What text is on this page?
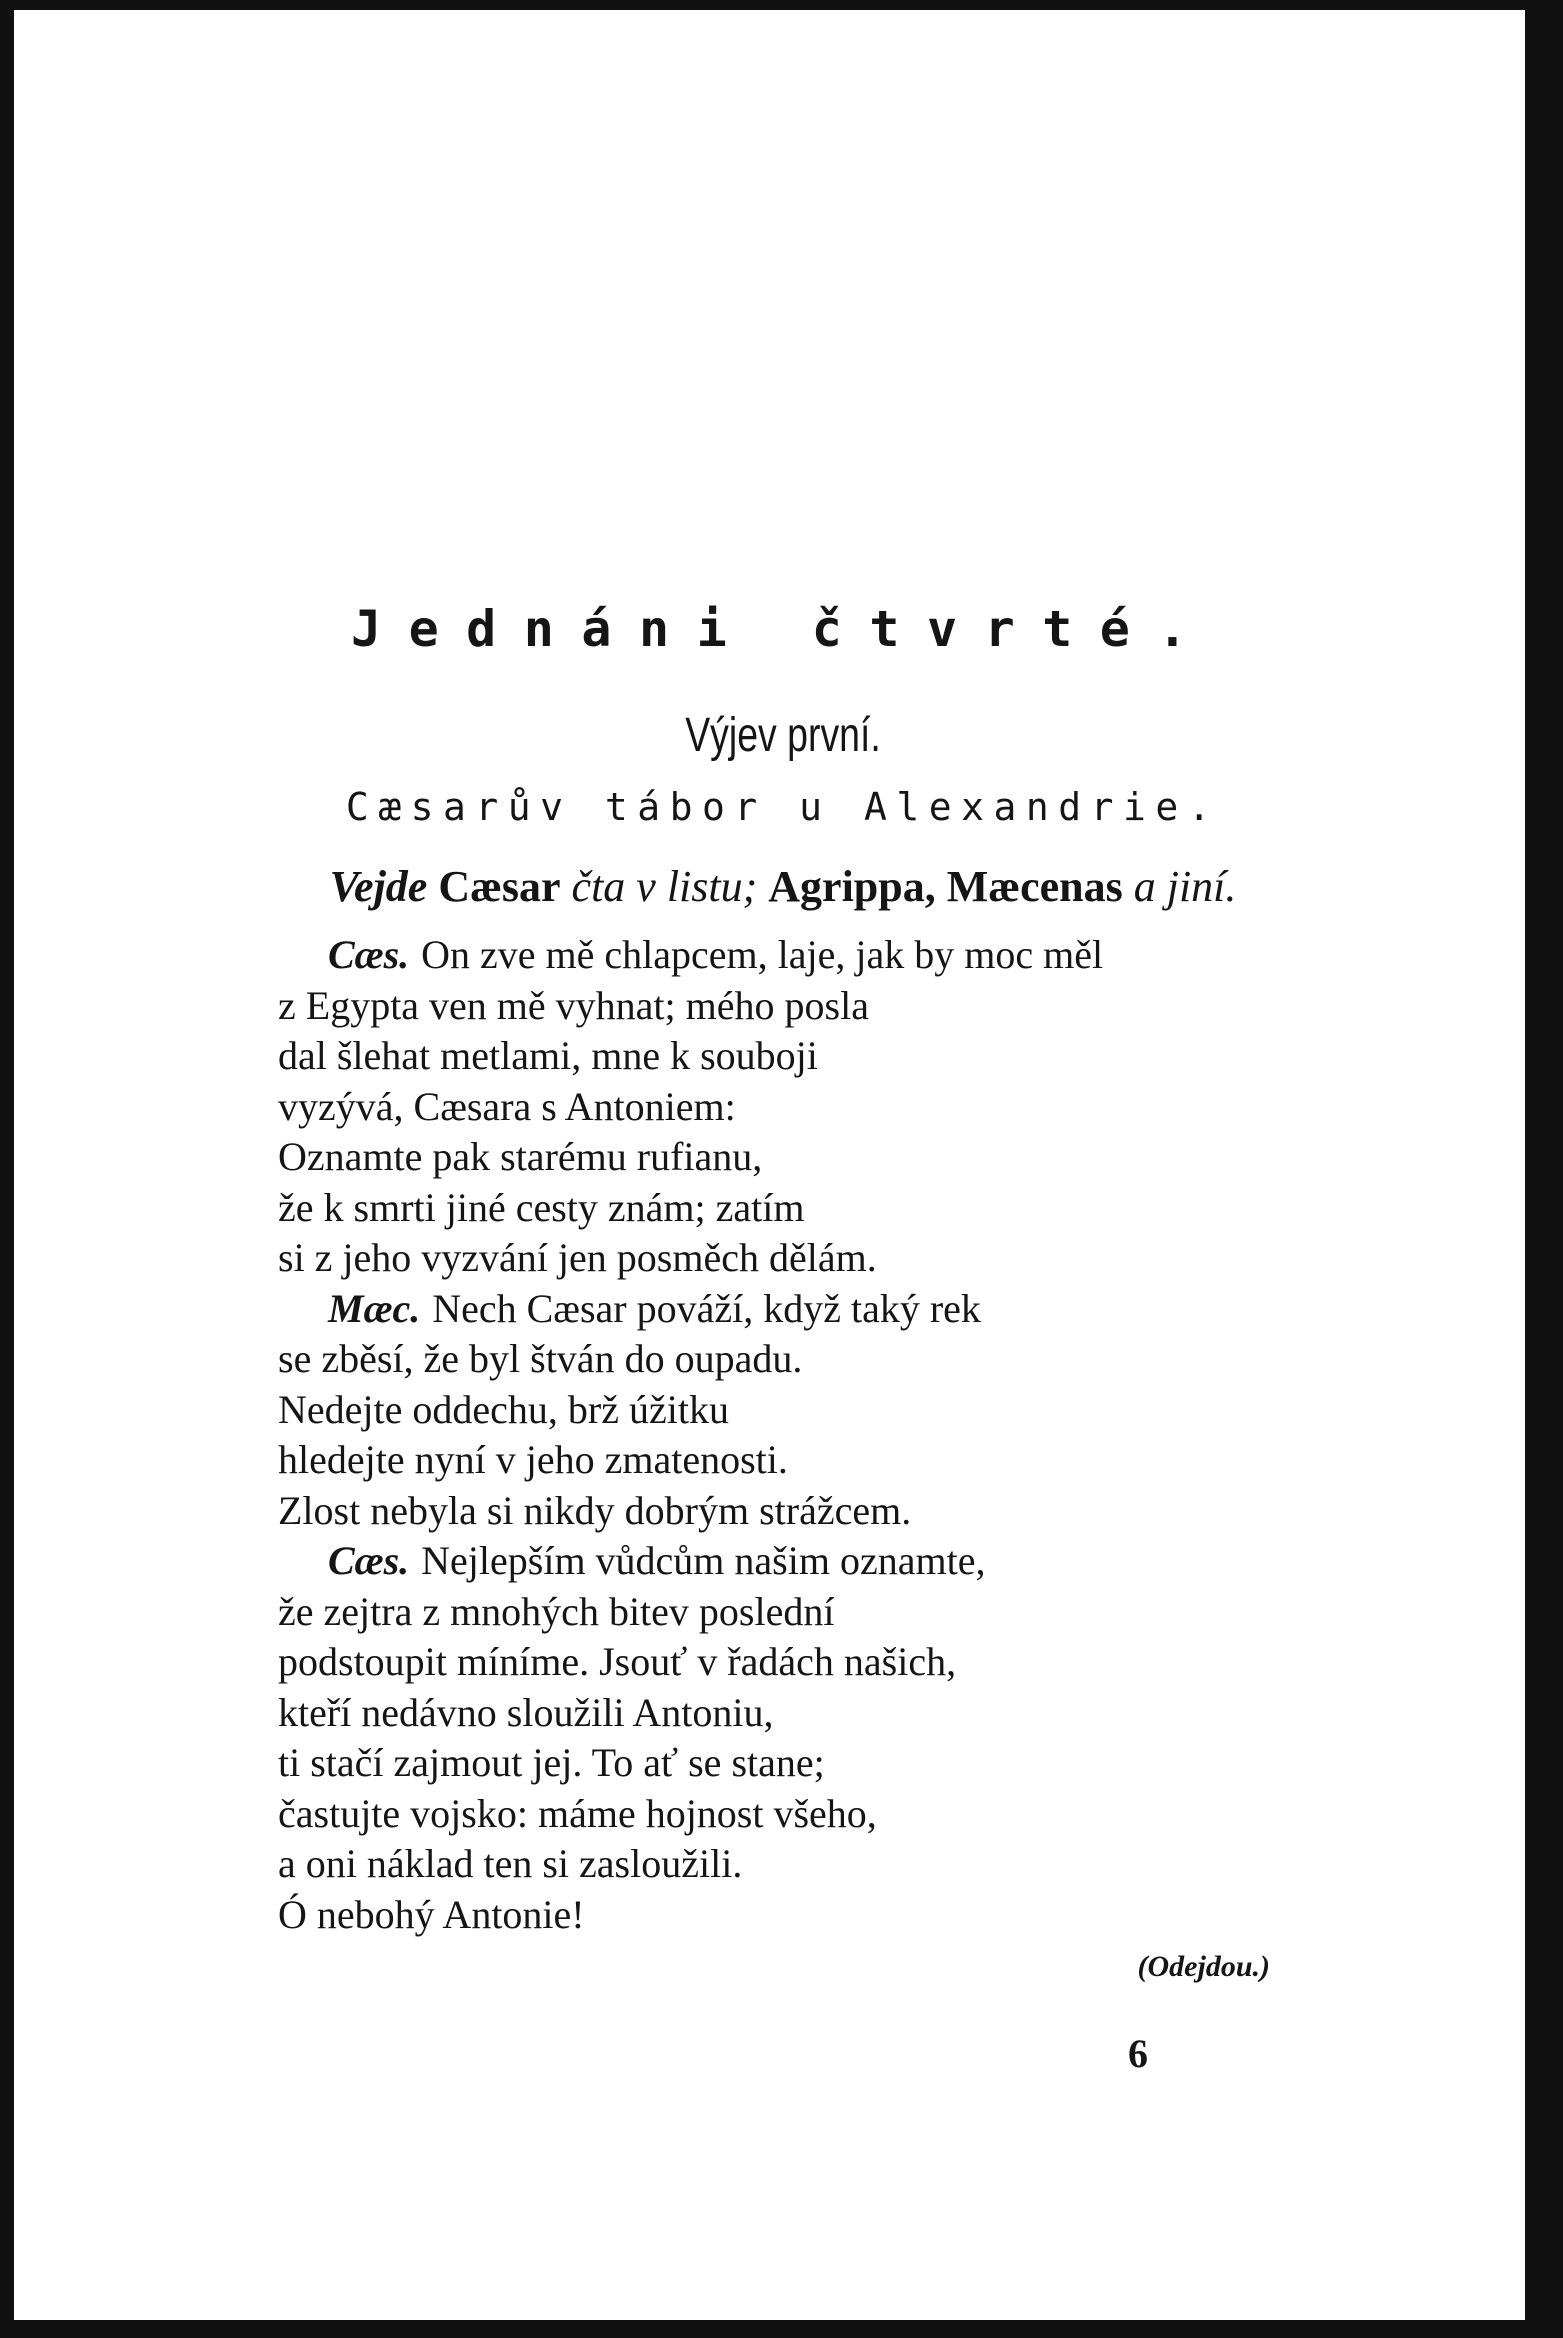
Jednáni čtvrté.
Výjev první.
Cæsarův tábor u Alexandrie.
Vejde Cæsar čta v listu; Agrippa, Mæcenas a jiní.
Cæs. On zve mě chlapcem, laje, jak by moc měl
z Egypta ven mě vyhnat; mého posla
dal šlehat metlami, mne k souboji
vyzývá, Cæsara s Antoniem:
Oznamte pak starému rufianu,
že k smrti jiné cesty znám; zatím
si z jeho vyzvání jen posměch dělám.
Mæc. Nech Cæsar pováží, když taký rek
se zběsí, že byl štván do oupadu.
Nedejte oddechu, brž úžitku
hledejte nyní v jeho zmatenosti.
Zlost nebyla si nikdy dobrým strážcem.
Cæs. Nejlepším vůdcům našim oznamte,
že zejtra z mnohých bitev poslední
podstoupit míníme. Jsouť v řadách našich,
kteří nedávno sloužili Antoniu,
ti stačí zajmout jej. To ať se stane;
častujte vojsko: máme hojnost všeho,
a oni náklad ten si zasloužili.
Ó nebohý Antonie!
(Odejdou.)
6
